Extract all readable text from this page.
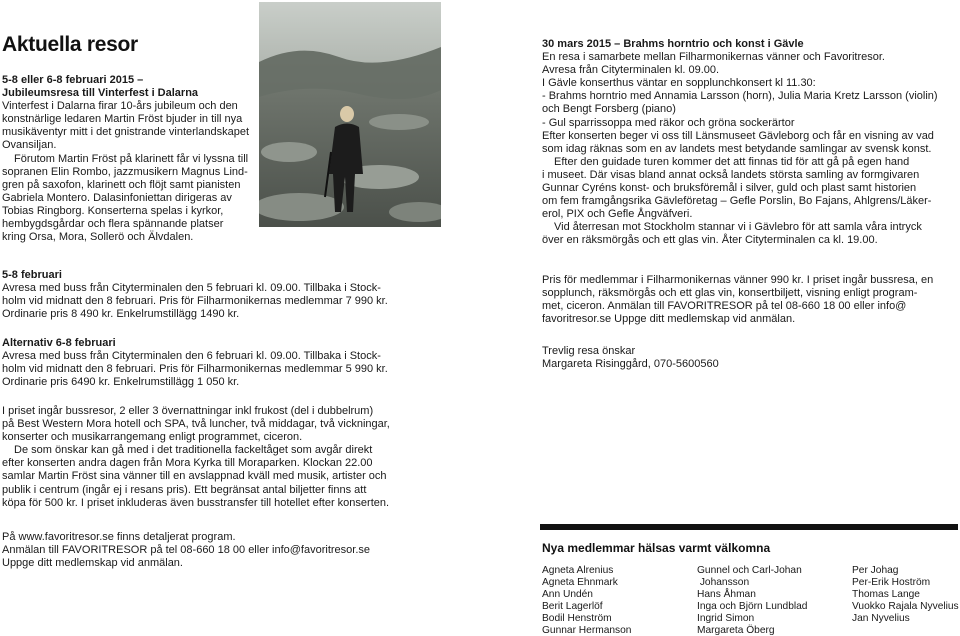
Aktuella resor

5-8 eller 6-8 februari 2015 –

Jubileumsresa till Vinterfest i Dalarna

Vinterfest i Dalarna firar 10-års jubileum och den

konstnärlige ledaren Martin Fröst bjuder in till nya

musikäventyr mitt i det gnistrande vinterlandskapet

Ovansiljan.

Förutom Martin Fröst på klarinett får vi lyssna till

sopranen Elin Rombo, jazzmusikern Magnus Lind-

gren på saxofon, klarinett och flöjt samt pianisten

Gabriela Montero. Dalasinfoniettan dirigeras av

Tobias Ringborg. Konserterna spelas i kyrkor,

hembygdsgårdar och flera spännande platser

kring Orsa, Mora, Sollerö och Älvdalen.

5-8 februari

Avresa med buss från Cityterminalen den 5 februari kl. 09.00. Tillbaka i Stock-

holm vid midnatt den 8 februari. Pris för Filharmonikernas medlemmar 7 990 kr.

Ordinarie pris 8 490 kr. Enkelrumstillägg 1490 kr.

Alternativ 6-8 februari

Avresa med buss från Cityterminalen den 6 februari kl. 09.00. Tillbaka i Stock-

holm vid midnatt den 8 februari. Pris för Filharmonikernas medlemmar 5 990 kr.

Ordinarie pris 6490 kr. Enkelrumstillägg 1 050 kr.

I priset ingår bussresor, 2 eller 3 övernattningar inkl frukost (del i dubbelrum)

på Best Western Mora hotell och SPA, två luncher, två middagar, två vickningar,

konserter och musikarrangemang enligt programmet, ciceron.

De som önskar kan gå med i det traditionella fackeltåget som avgår direkt

efter konserten andra dagen från Mora Kyrka till Moraparken. Klockan 22.00

samlar Martin Fröst sina vänner till en avslappnad kväll med musik, artister och

publik i centrum (ingår ej i resans pris). Ett begränsat antal biljetter finns att

köpa för 500 kr. I priset inkluderas även busstransfer till hotellet efter konserten.

På www.favoritresor.se finns detaljerat program.

Anmälan till FAVORITRESOR på tel 08-660 18 00 eller info@favoritresor.se

Uppge ditt medlemskap vid anmälan.

30 mars 2015 – Brahms horntrio och konst i Gävle

En resa i samarbete mellan Filharmonikernas vänner och Favoritresor.

Avresa från Cityterminalen kl. 09.00.

I Gävle konserthus väntar en sopplunchkonsert kl 11.30:

- Brahms horntrio med Annamia Larsson (horn), Julia Maria Kretz Larsson (violin)

och Bengt Forsberg (piano)

- Gul sparrissoppa med räkor och gröna sockerärtor

Efter konserten beger vi oss till Länsmuseet Gävleborg och får en visning av vad

som idag räknas som en av landets mest betydande samlingar av svensk konst.

Efter den guidade turen kommer det att finnas tid för att gå på egen hand

i museet. Där visas bland annat också landets största samling av formgivaren

Gunnar Cyréns konst- och bruksföremål i silver, guld och plast samt historien

om fem framgångsrika Gävleföretag – Gefle Porslin, Bo Fajans, Ahlgrens/Läker-

erol, PIX och Gefle Ångväfveri.

Vid återresan mot Stockholm stannar vi i Gävlebro för att samla våra intryck

över en räksmörgås och ett glas vin. Åter Cityterminalen ca kl. 19.00.

Pris för medlemmar i Filharmonikernas vänner 990 kr. I priset ingår bussresa, en

sopplunch, räksmörgås och ett glas vin, konsertbiljett, visning enligt program-

met, ciceron. Anmälan till FAVORITRESOR på tel 08-660 18 00 eller info@

favoritresor.se Uppge ditt medlemskap vid anmälan.

Trevlig resa önskar

Margareta Risinggård, 070-5600560

Nya medlemmar hälsas varmt välkomna
Agneta Alrenius
Agneta Ehnmark
Ann Undén
Berit Lagerlöf
Bodil Henström
Gunnar Hermanson
Gunnel och Carl-Johan
Johansson
Hans Åhman
Inga och Björn Lundblad
Ingrid Simon
Margareta Öberg
Per Johag
Per-Erik Hoström
Thomas Lange
Vuokko Rajala Nyvelius
Jan Nyvelius
